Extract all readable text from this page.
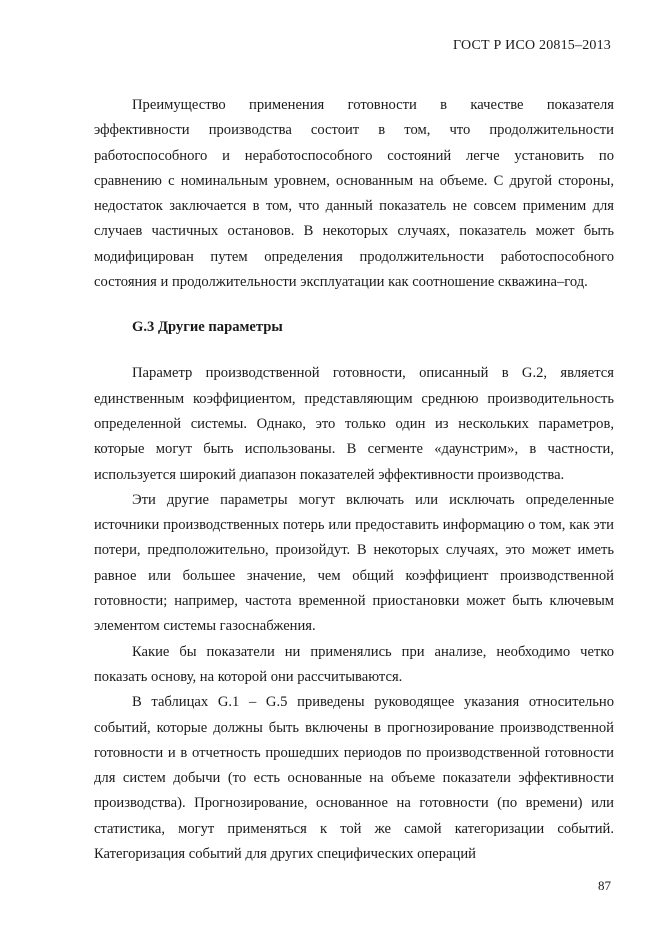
ГОСТ Р ИСО 20815–2013

Преимущество применения готовности в качестве показателя эффективности производства состоит в том, что продолжительности работоспособного и неработоспособного состояний легче установить по сравнению с номинальным уровнем, основанным на объеме. С другой стороны, недостаток заключается в том, что данный показатель не совсем применим для случаев частичных остановов. В некоторых случаях, показатель может быть модифицирован путем определения продолжительности работоспособного состояния и продолжительности эксплуатации как соотношение скважина–год.

G.3 Другие параметры

Параметр производственной готовности, описанный в G.2, является единственным коэффициентом, представляющим среднюю производительность определенной системы. Однако, это только один из нескольких параметров, которые могут быть использованы. В сегменте «даунстрим», в частности, используется широкий диапазон показателей эффективности производства.

Эти другие параметры могут включать или исключать определенные источники производственных потерь или предоставить информацию о том, как эти потери, предположительно, произойдут. В некоторых случаях, это может иметь равное или большее значение, чем общий коэффициент производственной готовности; например, частота временной приостановки может быть ключевым элементом системы газоснабжения.

Какие бы показатели ни применялись при анализе, необходимо четко показать основу, на которой они рассчитываются.

В таблицах G.1 – G.5 приведены руководящее указания относительно событий, которые должны быть включены в прогнозирование производственной готовности и в отчетность прошедших периодов по производственной готовности для систем добычи (то есть основанные на объеме показатели эффективности производства). Прогнозирование, основанное на готовности (по времени) или статистика, могут применяться к той же самой категоризации событий. Категоризация событий для других специфических операций

87
